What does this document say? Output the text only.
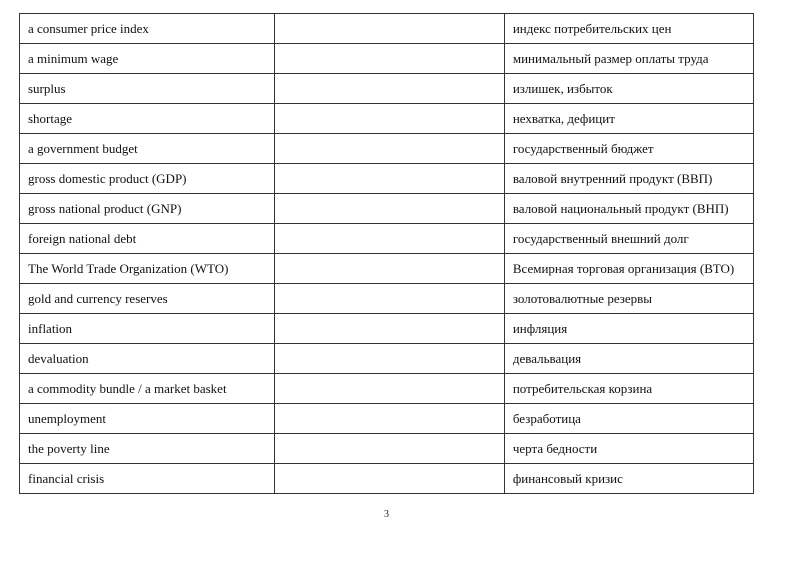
a consumer price index		индекс потребительских цен
a minimum wage		минимальный размер оплаты труда
surplus		излишек, избыток
shortage		нехватка, дефицит
a government budget		государственный бюджет
gross domestic product (GDP)		валовой внутренний продукт (ВВП)
gross national product (GNP)		валовой национальный продукт (ВНП)
foreign national debt		государственный внешний долг
The World Trade Organization (WTO)		Всемирная торговая организация (ВТО)
gold and currency reserves		золотовалютные резервы
inflation		инфляция
devaluation		девальвация
a commodity bundle / a market basket		потребительская корзина
unemployment		безработица
the poverty line		черта бедности
financial crisis		финансовый кризис
3
